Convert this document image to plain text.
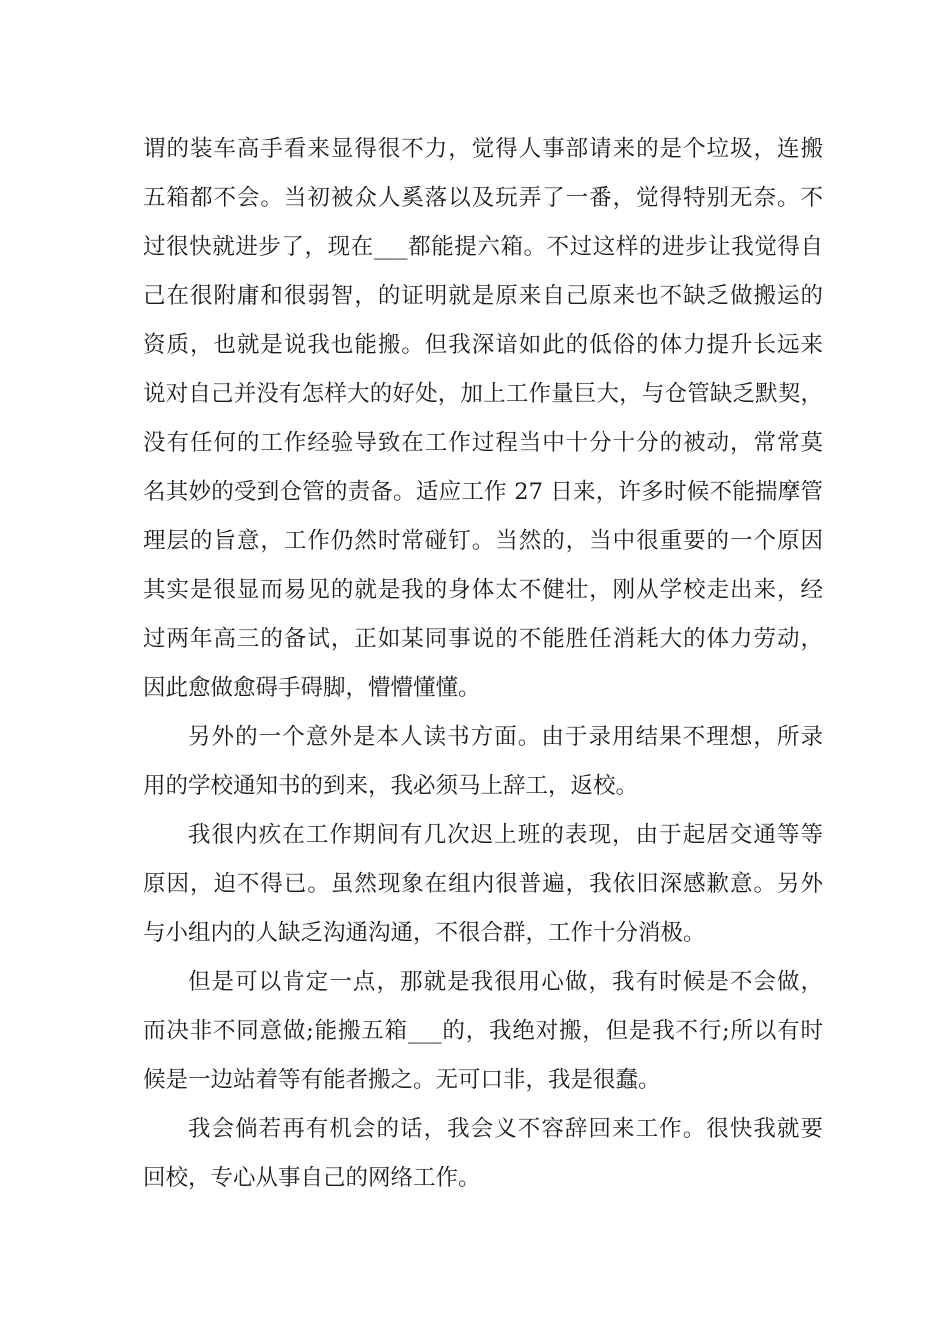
谓的装车高手看来显得很不力，觉得人事部请来的是个垃圾，连搬
五箱都不会。当初被众人奚落以及玩弄了一番，觉得特别无奈。不
过很快就进步了，现在___都能提六箱。不过这样的进步让我觉得自
己在很附庸和很弱智，的证明就是原来自己原来也不缺乏做搬运的
资质，也就是说我也能搬。但我深谙如此的低俗的体力提升长远来
说对自己并没有怎样大的好处，加上工作量巨大，与仓管缺乏默契，
没有任何的工作经验导致在工作过程当中十分十分的被动，常常莫
名其妙的受到仓管的责备。适应工作 27 日来，许多时候不能揣摩管
理层的旨意，工作仍然时常碰钉。当然的，当中很重要的一个原因
其实是很显而易见的就是我的身体太不健壮，刚从学校走出来，经
过两年高三的备试，正如某同事说的不能胜任消耗大的体力劳动，
因此愈做愈碍手碍脚，懵懵懂懂。
另外的一个意外是本人读书方面。由于录用结果不理想，所录
用的学校通知书的到来，我必须马上辞工，返校。
我很内疚在工作期间有几次迟上班的表现，由于起居交通等等
原因，迫不得已。虽然现象在组内很普遍，我依旧深感歉意。另外
与小组内的人缺乏沟通沟通，不很合群，工作十分消极。
但是可以肯定一点，那就是我很用心做，我有时候是不会做，
而决非不同意做;能搬五箱___的，我绝对搬，但是我不行;所以有时
候是一边站着等有能者搬之。无可口非，我是很蠢。
我会倘若再有机会的话，我会义不容辞回来工作。很快我就要
回校，专心从事自己的网络工作。
